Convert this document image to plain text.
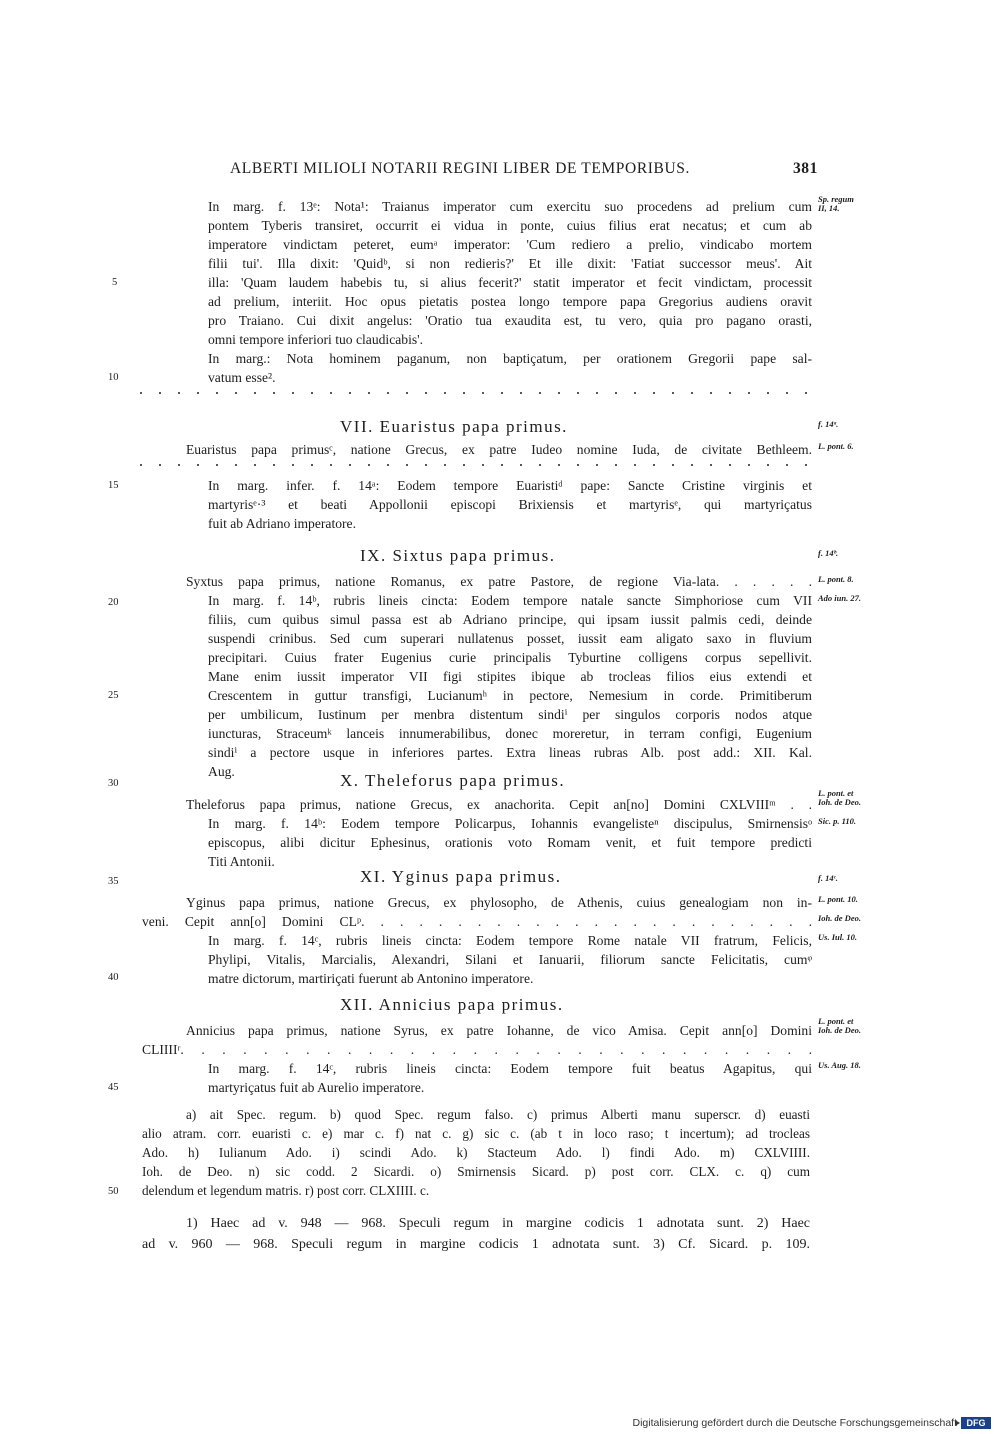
ALBERTI MILIOLI NOTARII REGINI LIBER DE TEMPORIBUS.	381
In marg. f. 13ᵉ: Nota¹: Traianus imperator cum exercitu suo procedens ad prelium cum
pontem Tyberis transiret, occurrit ei vidua in ponte, cuius filius erat necatus; et cum ab
imperatore vindictam peteret, eumᵃ imperator: 'Cum rediero a prelio, vindicabo mortem
filii tui'. Illa dixit: 'Quidᵇ, si non redieris?' Et ille dixit: 'Fatiat successor meus'. Ait
illa: 'Quam laudem habebis tu, si alius fecerit?' statit imperator et fecit vindictam, processit
ad prelium, interiit. Hoc opus pietatis postea longo tempore papa Gregorius audiens oravit
pro Traiano. Cui dixit angelus: 'Oratio tua exaudita est, tu vero, quia pro pagano orasti,
omni tempore inferiori tuo claudicabis'.
In marg.: Nota hominem paganum, non baptiçatum, per orationem Gregorii pape sal-
vatum esse².
Euaristus papa primusᶜ, natione Grecus, ex patre Iudeo nomine Iuda, de civitate Bethleem.
In marg. infer. f. 14ᵃ: Eodem tempore Euaristiᵈ pape: Sancte Cristine virginis et
martyrisᵉ·³ et beati Appollonii episcopi Brixiensis et martyrisᵉ, qui martyriçatus
fuit ab Adriano imperatore.
Syxtus papa primus, natione Romanus, ex patre Pastore, de regione Via-lata. . . . . .
In marg. f. 14ᵇ, rubris lineis cincta: Eodem tempore natale sancte Simphoriose cum VII
filiis, cum quibus simul passa est ab Adriano principe, qui ipsam iussit palmis cedi, deinde
suspendi crinibus. Sed cum superari nullatenus posset, iussit eam aligato saxo in fluvium
precipitari. Cuius frater Eugenius curie principalis Tyburtine colligens corpus sepellivit.
Mane enim iussit imperator VII figi stipites ibique ab trocleas filios eius extendi et
Crescentem in guttur transfigi, Lucianumʰ in pectore, Nemesium in corde. Primitiberum
per umbilicum, Iustinum per menbra distentum sindiⁱ per singulos corporis nodos atque
iuncturas, Straceumᵏ lanceis innumerabilibus, donec moreretur, in terram configi, Eugenium
sindiⁱ a pectore usque in inferiores partes. Extra lineas rubras Alb. post add.: XII. Kal.
Aug.
Theleforus papa primus, natione Grecus, ex anachorita. Cepit an[no] Domini CXLVIIIᵐ . .
In marg. f. 14ᵇ: Eodem tempore Policarpus, Iohannis evangelisteⁿ discipulus, Smirnensisᵒ
episcopus, alibi dicitur Ephesinus, orationis voto Romam venit, et fuit tempore predicti
Titi Antonii.
Yginus papa primus, natione Grecus, ex phylosopho, de Athenis, cuius genealogiam non in-
veni. Cepit ann[o] Domini CLᵖ. . . . . . . . . . . . . . . . . . . . . . . .
In marg. f. 14ᶜ, rubris lineis cincta: Eodem tempore Rome natale VII fratrum, Felicis,
Phylipi, Vitalis, Marcialis, Alexandri, Silani et Ianuarii, filiorum sancte Felicitatis, cumᵠ
matre dictorum, martiriçati fuerunt ab Antonino imperatore.
Annicius papa primus, natione Syrus, ex patre Iohanne, de vico Amisa. Cepit ann[o] Domini
CLIIIIʳ. . . . . . . . . . . . . . . . . . . . . . . . . . . . . . .
In marg. f. 14ᶜ, rubris lineis cincta: Eodem tempore fuit beatus Agapitus, qui
martyriçatus fuit ab Aurelio imperatore.
VII. Euaristus papa primus.
IX. Sixtus papa primus.
X. Theleforus papa primus.
XI. Yginus papa primus.
XII. Annicius papa primus.
5
10
15
20
25
30
35
40
45
50
Sp. regum
II, 14.
f. 14ᵃ.
L. pont. 6.
f. 14ᵇ.
L. pont. 8.
Ado iun. 27.
L. pont. et
Ioh. de Deo.
Sic. p. 110.
f. 14ᶜ.
L. pont. 10.
Ioh. de Deo.
Us. Iul. 10.
L. pont. et
Ioh. de Deo.
Us. Aug. 18.
a) ait Spec. regum. b) quod Spec. regum falso. c) primus Alberti manu superscr. d) euasti
alio atram. corr. euaristi c. e) mar c. f) nat c. g) sic c. (ab t in loco raso; t incertum); ad trocleas
Ado. h) Iulianum Ado. i) scindi Ado. k) Stacteum Ado. l) findi Ado. m) CXLVIIII.
Ioh. de Deo. n) sic codd. 2 Sicardi. o) Smirnensis Sicard. p) post corr. CLX. c. q) cum
delendum et legendum matris. r) post corr. CLXIIII. c.
1) Haec ad v. 948 — 968. Speculi regum in margine codicis 1 adnotata sunt. 2) Haec
ad v. 960 — 968. Speculi regum in margine codicis 1 adnotata sunt. 3) Cf. Sicard. p. 109.
Digitalisierung gefördert durch die Deutsche Forschungsgemeinschaft	DFG
